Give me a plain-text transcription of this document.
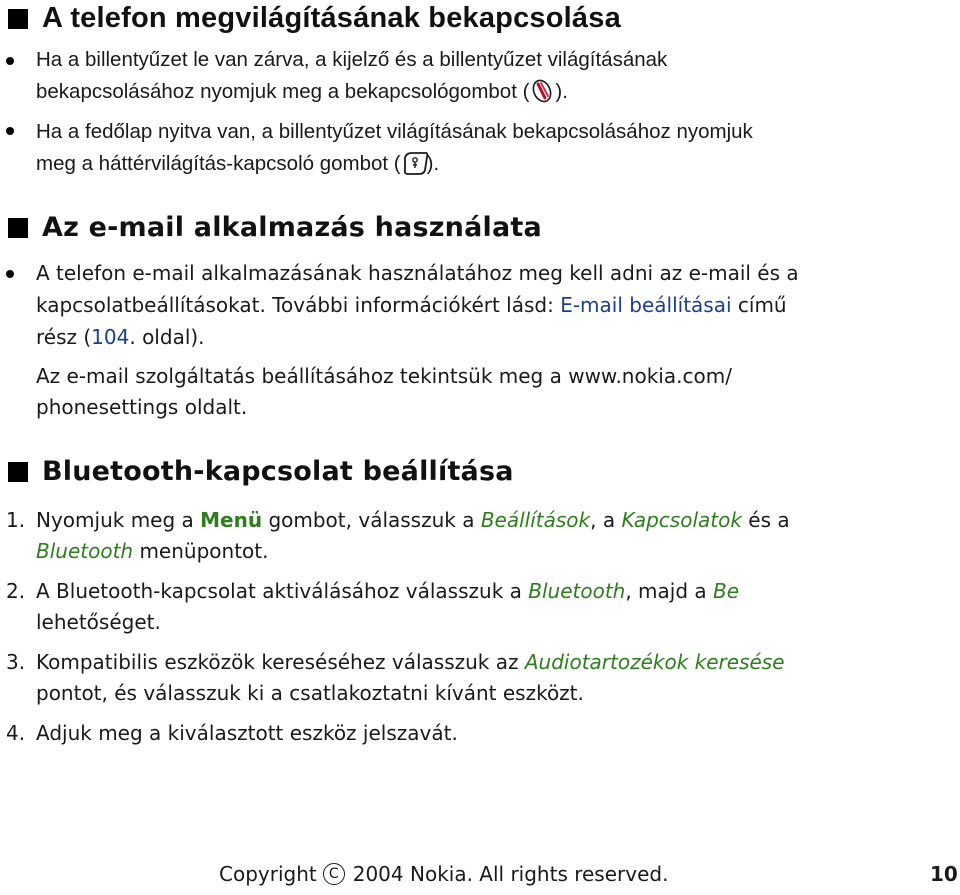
A telefon megvilágításának bekapcsolása
Ha a billentyűzet le van zárva, a kijelző és a billentyűzet világításának
bekapcsolásához nyomjuk meg a bekapcsológombot ( ).
Ha a fedőlap nyitva van, a billentyűzet világításának bekapcsolásához nyomjuk
meg a háttérvilágítás-kapcsoló gombot ( ).
Az e-mail alkalmazás használata
A telefon e-mail alkalmazásának használatához meg kell adni az e-mail és a
kapcsolatbeállításokat. További információkért lásd: E-mail beállításai című
rész (104. oldal).
Az e-mail szolgáltatás beállításához tekintsük meg a www.nokia.com/
phonesettings oldalt.
Bluetooth-kapcsolat beállítása
1. Nyomjuk meg a Menü gombot, válasszuk a Beállítások, a Kapcsolatok és a
Bluetooth menüpontot.
2. A Bluetooth-kapcsolat aktiválásához válasszuk a Bluetooth, majd a Be
lehetőséget.
3. Kompatibilis eszközök kereséséhez válasszuk az Audiotartozékok keresése
pontot, és válasszuk ki a csatlakoztatni kívánt eszközt.
4. Adjuk meg a kiválasztott eszköz jelszavát.
Copyright C 2004 Nokia. All rights reserved.	10
